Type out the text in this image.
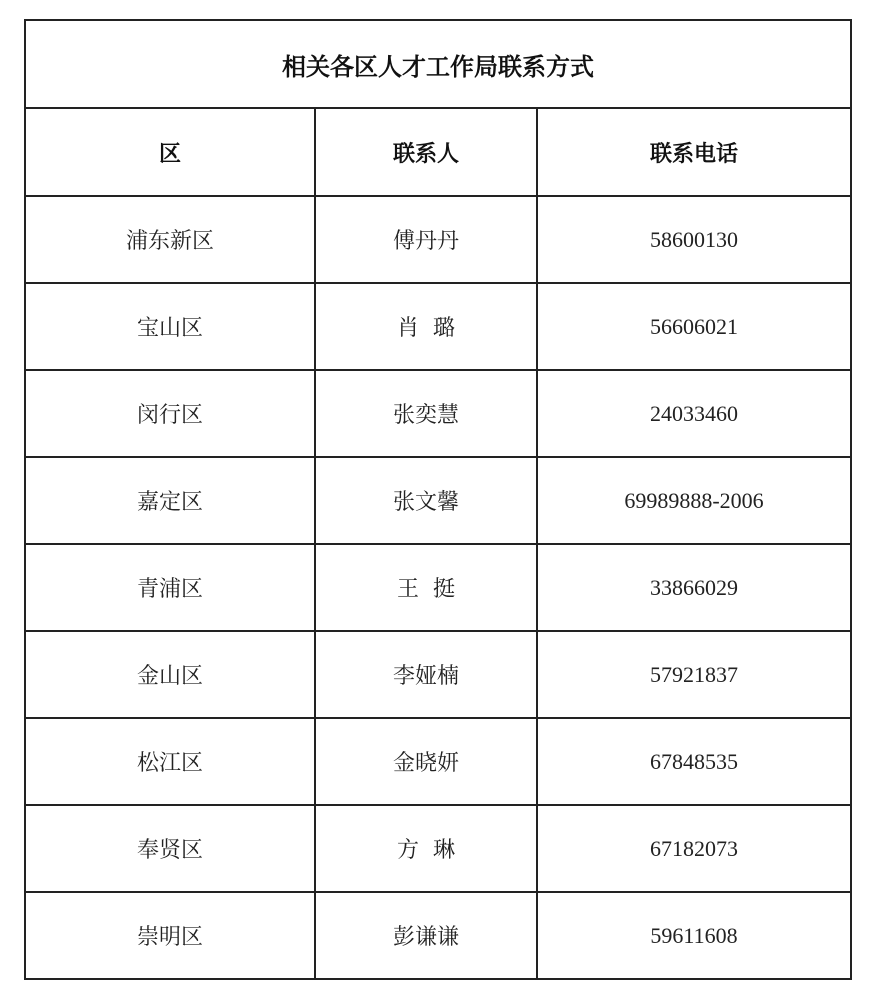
相关各区人才工作局联系方式		
区	联系人	联系电话
浦东新区	傅丹丹	58600130
宝山区	肖  璐	56606021
闵行区	张奕慧	24033460
嘉定区	张文馨	69989888-2006
青浦区	王  挺	33866029
金山区	李娅楠	57921837
松江区	金晓妍	67848535
奉贤区	方  琳	67182073
崇明区	彭谦谦	59611608
